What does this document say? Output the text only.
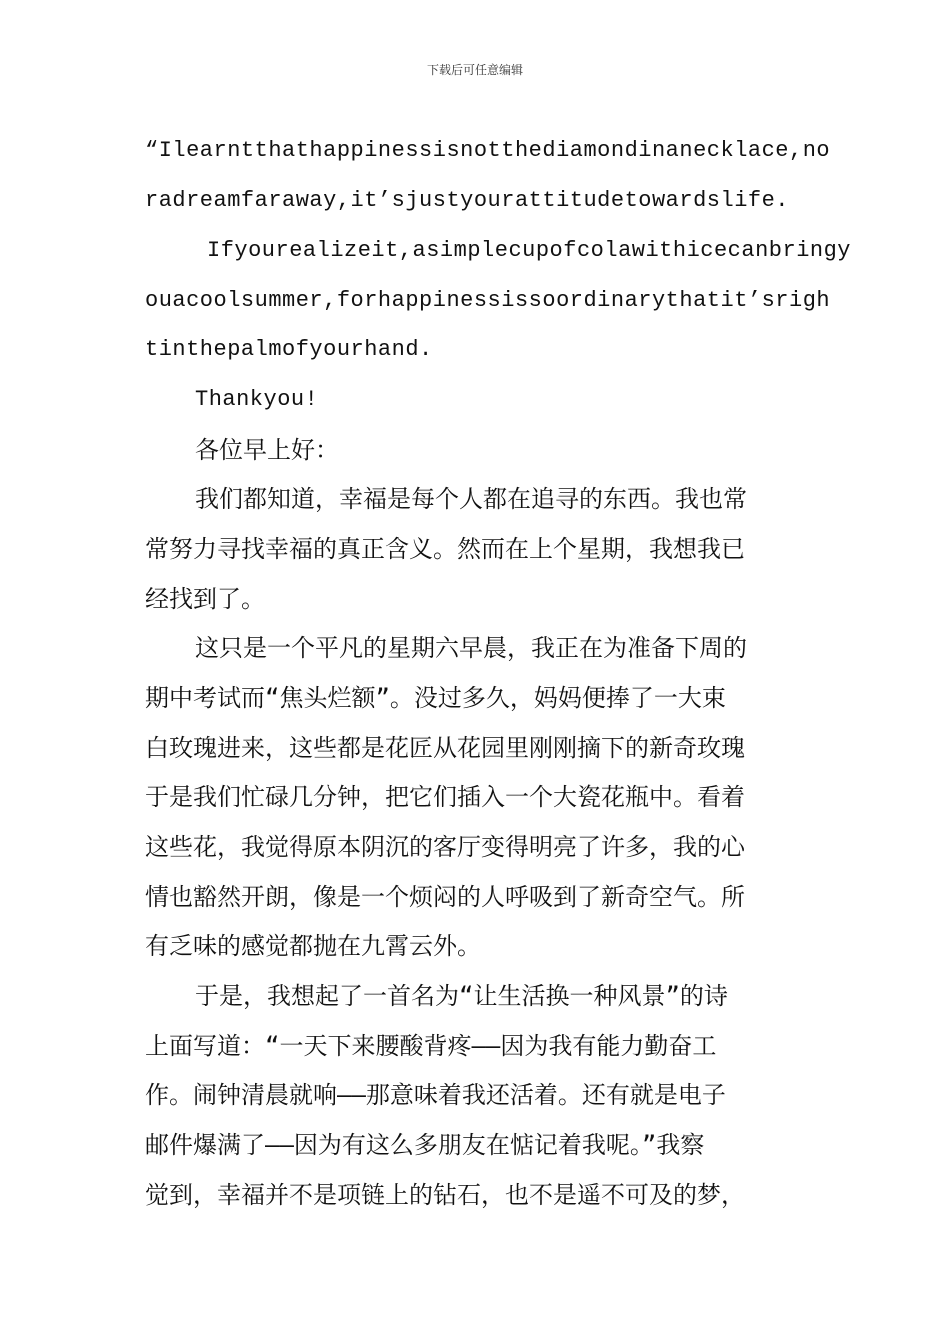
下载后可任意编辑

“Ilearntthathappinessisnotthediamondinanecklace,no

radreamfaraway,it’sjustyourattitudetowardslife.

Ifyourealizeit,asimplecupofcolawithicecanbringy

ouacoolsummer,forhappinessissoordinarythatit’srigh

tinthepalmofyourhand.

Thankyou!

各位早上好：

我们都知道，幸福是每个人都在追寻的东西。我也常

常努力寻找幸福的真正含义。然而在上个星期，我想我已

经找到了。

这只是一个平凡的星期六早晨，我正在为准备下周的

期中考试而“焦头烂额”。没过多久，妈妈便捧了一大束

白玫瑰进来，这些都是花匠从花园里刚刚摘下的新奇玫瑰

于是我们忙碌几分钟，把它们插入一个大瓷花瓶中。看着

这些花，我觉得原本阴沉的客厅变得明亮了许多，我的心

情也豁然开朗，像是一个烦闷的人呼吸到了新奇空气。所

有乏味的感觉都抛在九霄云外。

于是，我想起了一首名为“让生活换一种风景”的诗

上面写道：“一天下来腰酸背疼——因为我有能力勤奋工

作。闹钟清晨就响——那意味着我还活着。还有就是电子

邮件爆满了——因为有这么多朋友在惦记着我呢。”我察

觉到，幸福并不是项链上的钻石，也不是遥不可及的梦，
